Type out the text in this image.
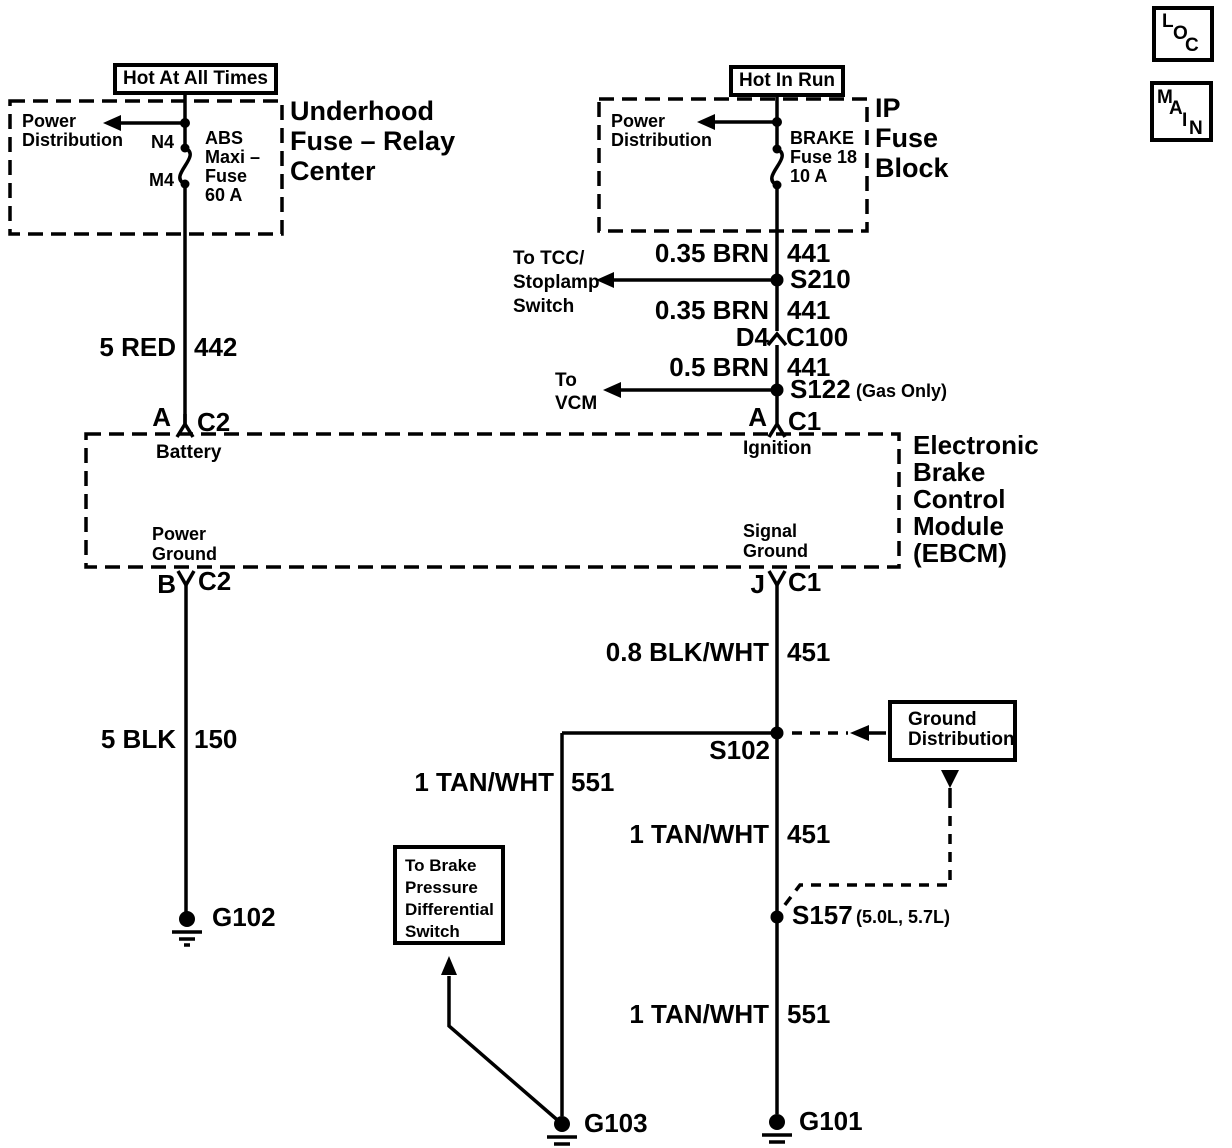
L
O
C
M
A
I N
Hot At All Times	Hot In Run
Underhood
Fuse – Relay
Center
Power
Distribution N4
M4
ABS
Maxi –
Fuse
60 A
IP
Fuse
Block
Power
Distribution	BRAKE
Fuse 18
10 A
5 RED 442
0.35 BRN 441
0.35 BRN 441
0.5 BRN 441
0.8 BLK/WHT 451
5 BLK 150
1 TAN/WHT 551
1 TAN/WHT 451
1 TAN/WHT 551
S210
S122 (Gas Only)
S102
S157 (5.0L, 5.7L)
A C2	A C1
B C2	J C1
D4 C100
To TCC/
Stoplamp
Switch
To
VCM
Battery	Ignition
Power
Ground
Signal
Ground
Electronic
Brake
Control
Module
(EBCM)
Ground
Distribution
To Brake
Pressure
Differential
Switch
G102
G103	G101
